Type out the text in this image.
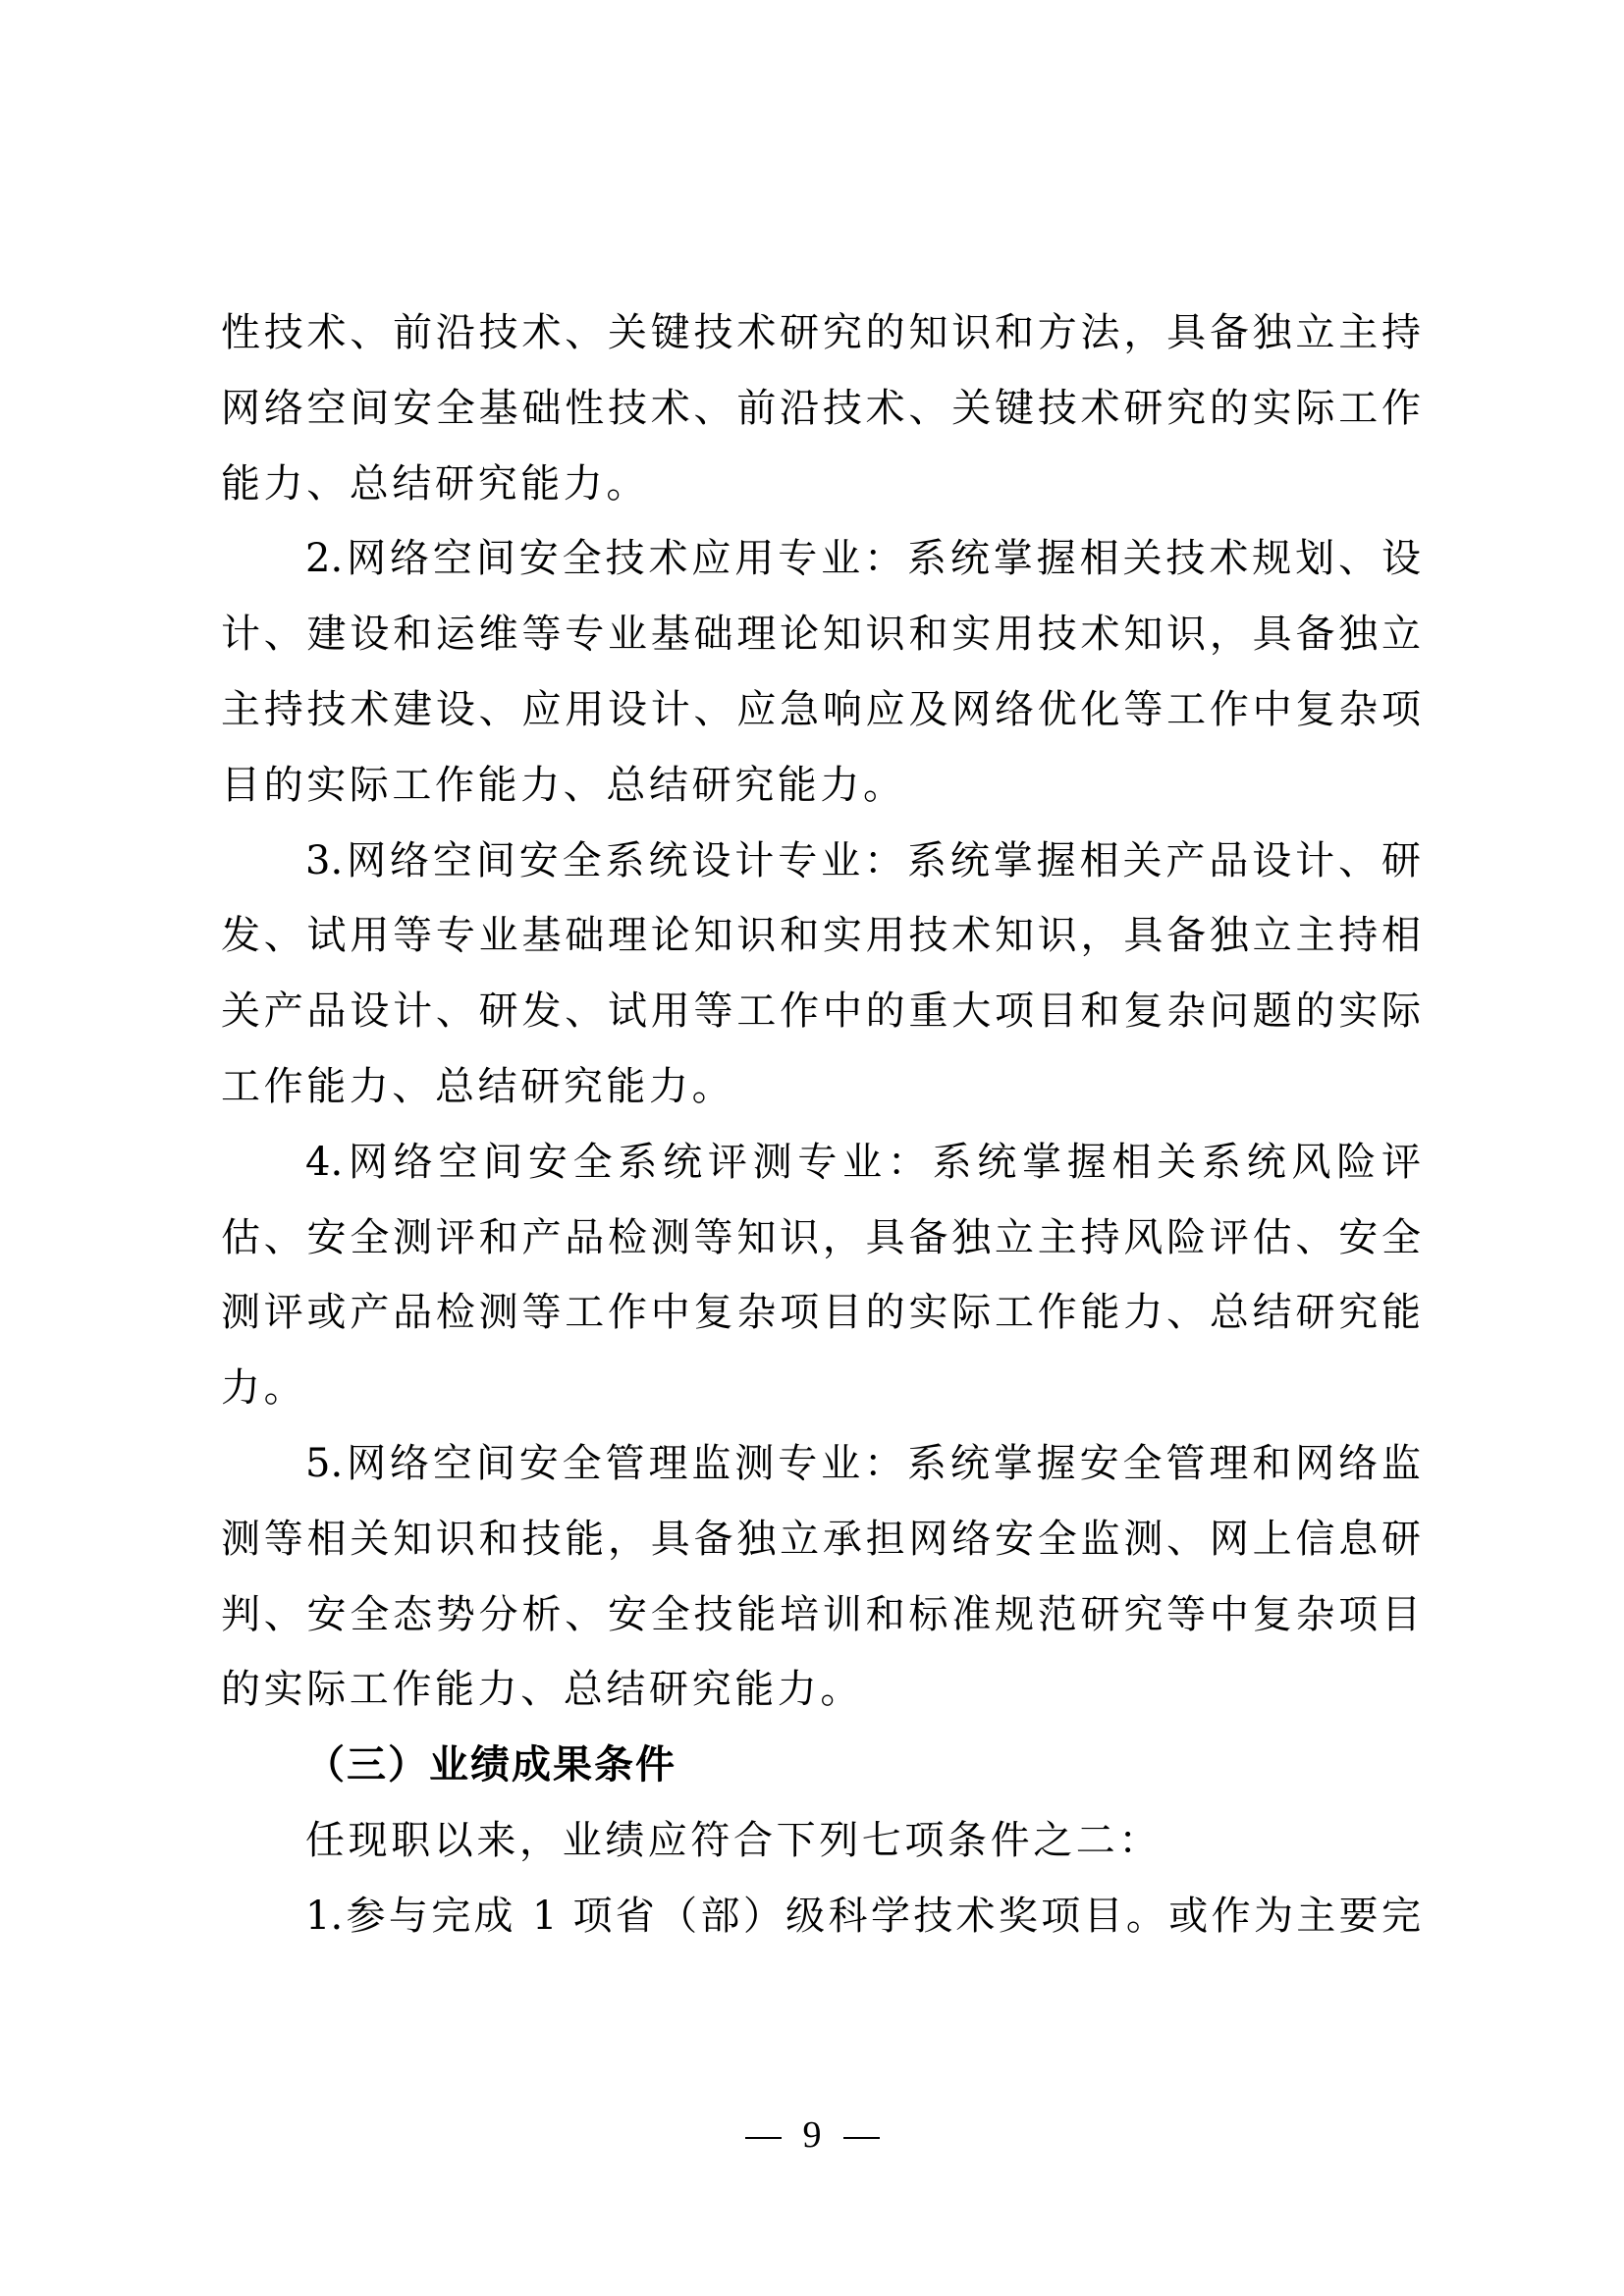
性技术、前沿技术、关键技术研究的知识和方法，具备独立主持
网络空间安全基础性技术、前沿技术、关键技术研究的实际工作
能力、总结研究能力。
2.网络空间安全技术应用专业：系统掌握相关技术规划、设
计、建设和运维等专业基础理论知识和实用技术知识，具备独立
主持技术建设、应用设计、应急响应及网络优化等工作中复杂项
目的实际工作能力、总结研究能力。
3.网络空间安全系统设计专业：系统掌握相关产品设计、研
发、试用等专业基础理论知识和实用技术知识，具备独立主持相
关产品设计、研发、试用等工作中的重大项目和复杂问题的实际
工作能力、总结研究能力。
4.网络空间安全系统评测专业：系统掌握相关系统风险评
估、安全测评和产品检测等知识，具备独立主持风险评估、安全
测评或产品检测等工作中复杂项目的实际工作能力、总结研究能
力。
5.网络空间安全管理监测专业：系统掌握安全管理和网络监
测等相关知识和技能，具备独立承担网络安全监测、网上信息研
判、安全态势分析、安全技能培训和标准规范研究等中复杂项目
的实际工作能力、总结研究能力。
（三）业绩成果条件
任现职以来，业绩应符合下列七项条件之二：
1.参与完成 1 项省（部）级科学技术奖项目。或作为主要完
9
